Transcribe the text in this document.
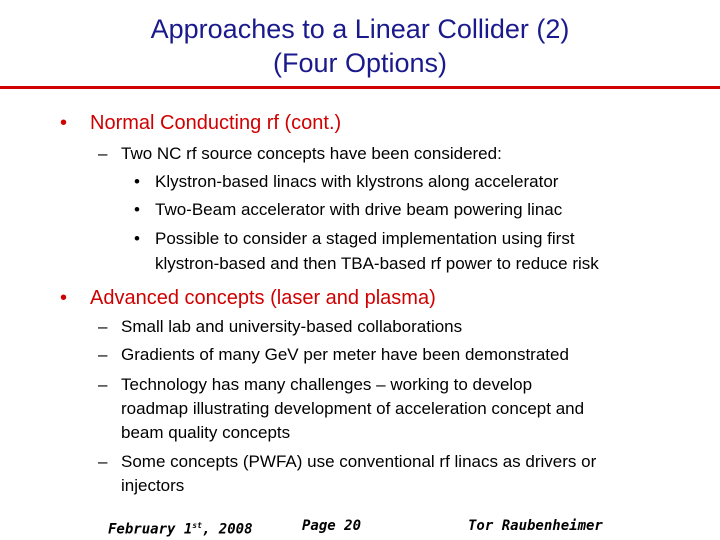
Approaches to a Linear Collider (2)
(Four Options)
• Normal Conducting rf (cont.)
– Two NC rf source concepts have been considered:
• Klystron-based linacs with klystrons along accelerator
• Two-Beam accelerator with drive beam powering linac
• Possible to consider a staged implementation using first
klystron-based and then TBA-based rf power to reduce risk
• Advanced concepts (laser and plasma)
– Small lab and university-based collaborations
– Gradients of many GeV per meter have been demonstrated
– Technology has many challenges – working to develop
roadmap illustrating development of acceleration concept and
beam quality concepts
– Some concepts (PWFA) use conventional rf linacs as drivers or
injectors
February 1st, 2008	Page 20	Tor Raubenheimer
